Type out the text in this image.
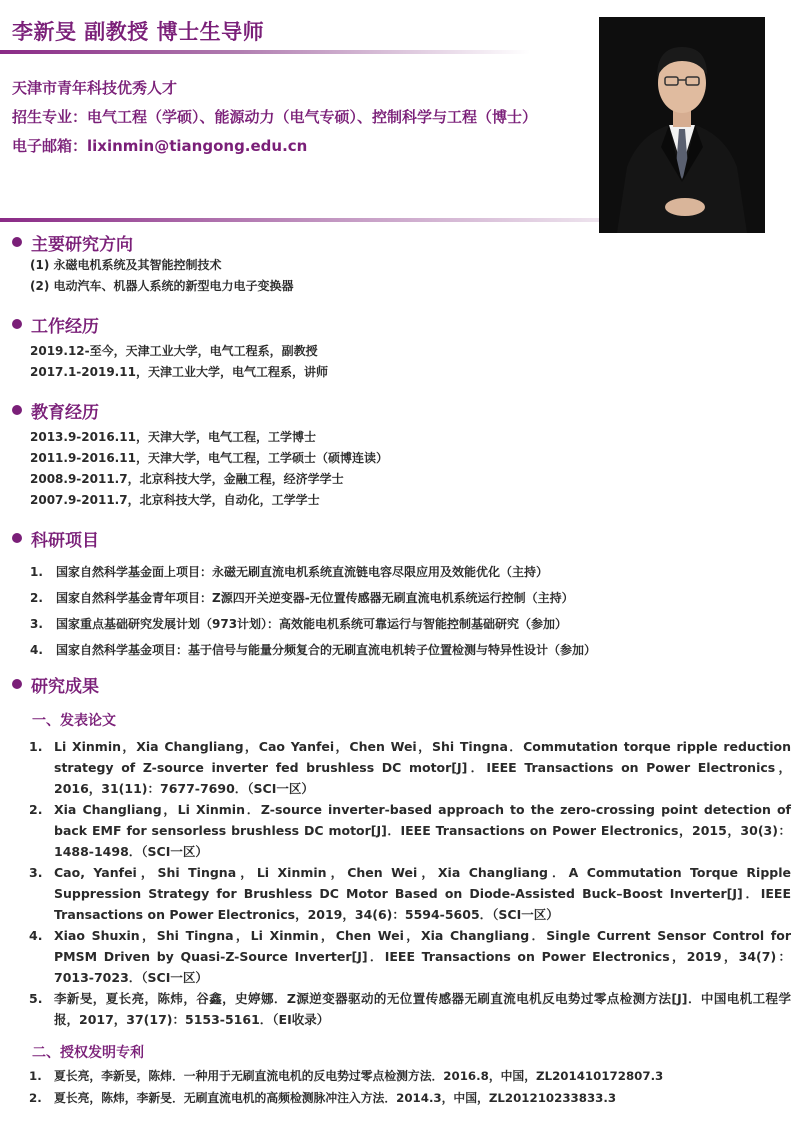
李新旻 副教授 博士生导师
天津市青年科技优秀人才
招生专业：电气工程（学硕）、能源动力（电气专硕）、控制科学与工程（博士）
电子邮箱：lixinmin@tiangong.edu.cn
主要研究方向
(1) 永磁电机系统及其智能控制技术
(2) 电动汽车、机器人系统的新型电力电子变换器
工作经历
2019.12-至今，天津工业大学，电气工程系，副教授
2017.1-2019.11，天津工业大学，电气工程系，讲师
教育经历
2013.9-2016.11，天津大学，电气工程，工学博士
2011.9-2016.11，天津大学，电气工程，工学硕士（硕博连读）
2008.9-2011.7，北京科技大学，金融工程，经济学学士
2007.9-2011.7，北京科技大学，自动化，工学学士
科研项目
1.	国家自然科学基金面上项目：永磁无刷直流电机系统直流链电容尽限应用及效能优化（主持）
2.	国家自然科学基金青年项目：Z源四开关逆变器-无位置传感器无刷直流电机系统运行控制（主持）
3.	国家重点基础研究发展计划（973计划）：高效能电机系统可靠运行与智能控制基础研究（参加）
4.	国家自然科学基金项目：基于信号与能量分频复合的无刷直流电机转子位置检测与特异性设计（参加）
研究成果
一、发表论文
1. Li Xinmin，Xia Changliang，Cao Yanfei，Chen Wei，Shi Tingna．Commutation torque ripple reduction strategy of Z-source inverter fed brushless DC motor[J]．IEEE Transactions on Power Electronics，2016，31(11)：7677-7690．（SCI一区）
2. Xia Changliang，Li Xinmin．Z-source inverter-based approach to the zero-crossing point detection of back EMF for sensorless brushless DC motor[J]．IEEE Transactions on Power Electronics，2015，30(3)：1488-1498．（SCI一区）
3. Cao, Yanfei，Shi Tingna，Li Xinmin，Chen Wei，Xia Changliang．A Commutation Torque Ripple Suppression Strategy for Brushless DC Motor Based on Diode-Assisted Buck–Boost Inverter[J]．IEEE Transactions on Power Electronics，2019，34(6)：5594-5605．（SCI一区）
4. Xiao Shuxin，Shi Tingna，Li Xinmin，Chen Wei，Xia Changliang．Single Current Sensor Control for PMSM Driven by Quasi-Z-Source Inverter[J]．IEEE Transactions on Power Electronics，2019，34(7)：7013-7023．（SCI一区）
5. 李新旻，夏长亮，陈炜，谷鑫，史婷娜．Z源逆变器驱动的无位置传感器无刷直流电机反电势过零点检测方法[J]．中国电机工程学报，2017，37(17)：5153-5161．（EI收录）
二、授权发明专利
1.	夏长亮，李新旻，陈炜．一种用于无刷直流电机的反电势过零点检测方法．2016.8，中国，ZL201410172807.3
2.	夏长亮，陈炜，李新旻．无刷直流电机的高频检测脉冲注入方法．2014.3，中国，ZL201210233833.3
